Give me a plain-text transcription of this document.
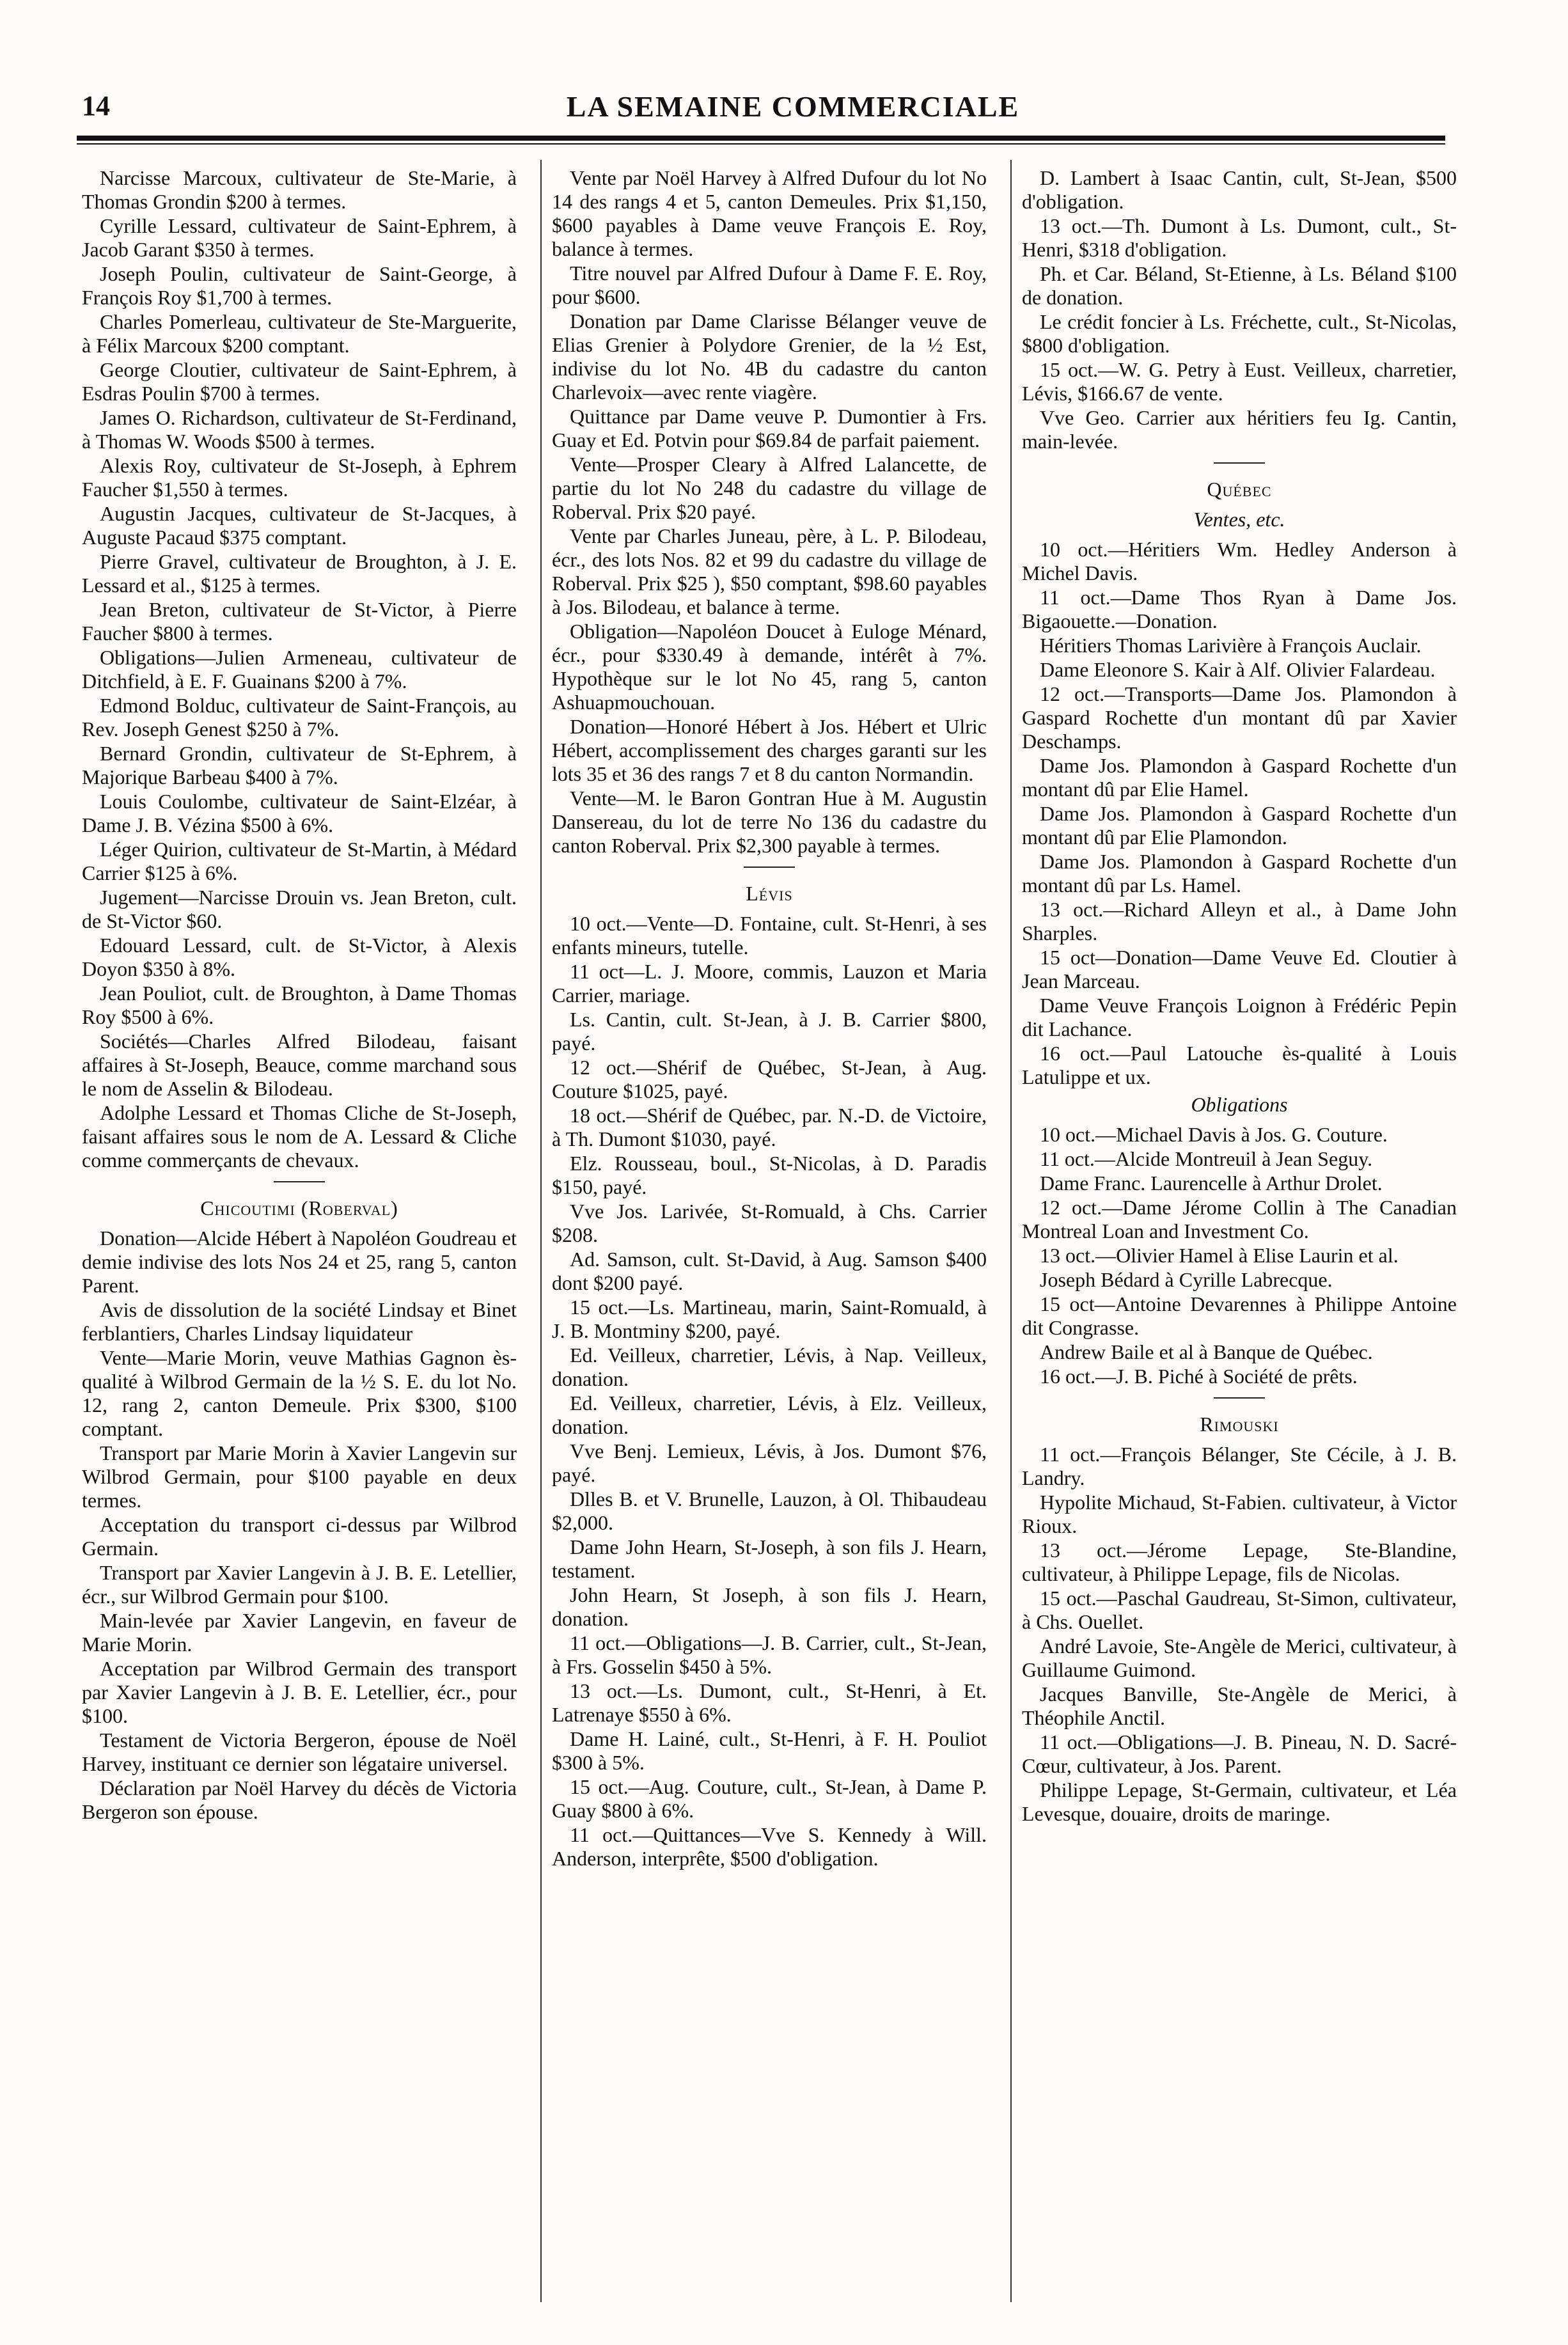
14	LA SEMAINE COMMERCIALE

Narcisse Marcoux, cultivateur de Ste-Marie, à Thomas Grondin $200 à termes.

Cyrille Lessard, cultivateur de Saint-Ephrem, à Jacob Garant $350 à termes.

Joseph Poulin, cultivateur de Saint-George, à François Roy $1,700 à termes.

Charles Pomerleau, cultivateur de Ste-Marguerite, à Félix Marcoux $200 comptant.

George Cloutier, cultivateur de Saint-Ephrem, à Esdras Poulin $700 à termes.

James O. Richardson, cultivateur de St-Ferdinand, à Thomas W. Woods $500 à termes.

Alexis Roy, cultivateur de St-Joseph, à Ephrem Faucher $1,550 à termes.

Augustin Jacques, cultivateur de St-Jacques, à Auguste Pacaud $375 comptant.

Pierre Gravel, cultivateur de Broughton, à J. E. Lessard et al., $125 à termes.

Jean Breton, cultivateur de St-Victor, à Pierre Faucher $800 à termes.

Obligations—Julien Armeneau, cultivateur de Ditchfield, à E. F. Guainans $200 à 7%.

Edmond Bolduc, cultivateur de Saint-François, au Rev. Joseph Genest $250 à 7%.

Bernard Grondin, cultivateur de St-Ephrem, à Majorique Barbeau $400 à 7%.

Louis Coulombe, cultivateur de Saint-Elzéar, à Dame J. B. Vézina $500 à 6%.

Léger Quirion, cultivateur de St-Martin, à Médard Carrier $125 à 6%.

Jugement—Narcisse Drouin vs. Jean Breton, cult. de St-Victor $60.

Edouard Lessard, cult. de St-Victor, à Alexis Doyon $350 à 8%.

Jean Pouliot, cult. de Broughton, à Dame Thomas Roy $500 à 6%.

Sociétés—Charles Alfred Bilodeau, faisant affaires à St-Joseph, Beauce, comme marchand sous le nom de Asselin & Bilodeau.

Adolphe Lessard et Thomas Cliche de St-Joseph, faisant affaires sous le nom de A. Lessard & Cliche comme commerçants de chevaux.

Chicoutimi (Roberval)

Donation—Alcide Hébert à Napoléon Goudreau et demie indivise des lots Nos 24 et 25, rang 5, canton Parent.

Avis de dissolution de la société Lindsay et Binet ferblantiers, Charles Lindsay liquidateur

Vente—Marie Morin, veuve Mathias Gagnon ès-qualité à Wilbrod Germain de la ½ S. E. du lot No. 12, rang 2, canton Demeule. Prix $300, $100 comptant.

Transport par Marie Morin à Xavier Langevin sur Wilbrod Germain, pour $100 payable en deux termes.

Acceptation du transport ci-dessus par Wilbrod Germain.

Transport par Xavier Langevin à J. B. E. Letellier, écr., sur Wilbrod Germain pour $100.

Main-levée par Xavier Langevin, en faveur de Marie Morin.

Acceptation par Wilbrod Germain des transport par Xavier Langevin à J. B. E. Letellier, écr., pour $100.

Testament de Victoria Bergeron, épouse de Noël Harvey, instituant ce dernier son légataire universel.

Déclaration par Noël Harvey du décès de Victoria Bergeron son épouse.

Vente par Noël Harvey à Alfred Dufour du lot No 14 des rangs 4 et 5, canton Demeules. Prix $1,150, $600 payables à Dame veuve François E. Roy, balance à termes.

Titre nouvel par Alfred Dufour à Dame F. E. Roy, pour $600.

Donation par Dame Clarisse Bélanger veuve de Elias Grenier à Polydore Grenier, de la ½ Est, indivise du lot No. 4B du cadastre du canton Charlevoix—avec rente viagère.

Quittance par Dame veuve P. Dumontier à Frs. Guay et Ed. Potvin pour $69.84 de parfait paiement.

Vente—Prosper Cleary à Alfred Lalancette, de partie du lot No 248 du cadastre du village de Roberval. Prix $20 payé.

Vente par Charles Juneau, père, à L. P. Bilodeau, écr., des lots Nos. 82 et 99 du cadastre du village de Roberval. Prix $25 ), $50 comptant, $98.60 payables à Jos. Bilodeau, et balance à terme.

Obligation—Napoléon Doucet à Euloge Ménard, écr., pour $330.49 à demande, intérêt à 7%. Hypothèque sur le lot No 45, rang 5, canton Ashuapmouchouan.

Donation—Honoré Hébert à Jos. Hébert et Ulric Hébert, accomplissement des charges garanti sur les lots 35 et 36 des rangs 7 et 8 du canton Normandin.

Vente—M. le Baron Gontran Hue à M. Augustin Dansereau, du lot de terre No 136 du cadastre du canton Roberval. Prix $2,300 payable à termes.

Lévis

10 oct.—Vente—D. Fontaine, cult. St-Henri, à ses enfants mineurs, tutelle.

11 oct—L. J. Moore, commis, Lauzon et Maria Carrier, mariage.

Ls. Cantin, cult. St-Jean, à J. B. Carrier $800, payé.

12 oct.—Shérif de Québec, St-Jean, à Aug. Couture $1025, payé.

18 oct.—Shérif de Québec, par. N.-D. de Victoire, à Th. Dumont $1030, payé.

Elz. Rousseau, boul., St-Nicolas, à D. Paradis $150, payé.

Vve Jos. Larivée, St-Romuald, à Chs. Carrier $208.

Ad. Samson, cult. St-David, à Aug. Samson $400 dont $200 payé.

15 oct.—Ls. Martineau, marin, Saint-Romuald, à J. B. Montminy $200, payé.

Ed. Veilleux, charretier, Lévis, à Nap. Veilleux, donation.

Ed. Veilleux, charretier, Lévis, à Elz. Veilleux, donation.

Vve Benj. Lemieux, Lévis, à Jos. Dumont $76, payé.

Dlles B. et V. Brunelle, Lauzon, à Ol. Thibaudeau $2,000.

Dame John Hearn, St-Joseph, à son fils J. Hearn, testament.

John Hearn, St Joseph, à son fils J. Hearn, donation.

11 oct.—Obligations—J. B. Carrier, cult., St-Jean, à Frs. Gosselin $450 à 5%.

13 oct.—Ls. Dumont, cult., St-Henri, à Et. Latrenaye $550 à 6%.

Dame H. Lainé, cult., St-Henri, à F. H. Pouliot $300 à 5%.

15 oct.—Aug. Couture, cult., St-Jean, à Dame P. Guay $800 à 6%.

11 oct.—Quittances—Vve S. Kennedy à Will. Anderson, interprête, $500 d'obligation.

D. Lambert à Isaac Cantin, cult, St-Jean, $500 d'obligation.

13 oct.—Th. Dumont à Ls. Dumont, cult., St-Henri, $318 d'obligation.

Ph. et Car. Béland, St-Etienne, à Ls. Béland $100 de donation.

Le crédit foncier à Ls. Fréchette, cult., St-Nicolas, $800 d'obligation.

15 oct.—W. G. Petry à Eust. Veilleux, charretier, Lévis, $166.67 de vente.

Vve Geo. Carrier aux héritiers feu Ig. Cantin, main-levée.

Québec
Ventes, etc.

10 oct.—Héritiers Wm. Hedley Anderson à Michel Davis.

11 oct.—Dame Thos Ryan à Dame Jos. Bigaouette.—Donation.

Héritiers Thomas Larivière à François Auclair.

Dame Eleonore S. Kair à Alf. Olivier Falardeau.

12 oct.—Transports—Dame Jos. Plamondon à Gaspard Rochette d'un montant dû par Xavier Deschamps.

Dame Jos. Plamondon à Gaspard Rochette d'un montant dû par Elie Hamel.

Dame Jos. Plamondon à Gaspard Rochette d'un montant dû par Elie Plamondon.

Dame Jos. Plamondon à Gaspard Rochette d'un montant dû par Ls. Hamel.

13 oct.—Richard Alleyn et al., à Dame John Sharples.

15 oct—Donation—Dame Veuve Ed. Cloutier à Jean Marceau.

Dame Veuve François Loignon à Frédéric Pepin dit Lachance.

16 oct.—Paul Latouche ès-qualité à Louis Latulippe et ux.

Obligations

10 oct.—Michael Davis à Jos. G. Couture.

11 oct.—Alcide Montreuil à Jean Seguy.

Dame Franc. Laurencelle à Arthur Drolet.

12 oct.—Dame Jérome Collin à The Canadian Montreal Loan and Investment Co.

13 oct.—Olivier Hamel à Elise Laurin et al.

Joseph Bédard à Cyrille Labrecque.

15 oct—Antoine Devarennes à Philippe Antoine dit Congrasse.

Andrew Baile et al à Banque de Québec.

16 oct.—J. B. Piché à Société de prêts.

Rimouski

11 oct.—François Bélanger, Ste Cécile, à J. B. Landry.

Hypolite Michaud, St-Fabien. cultivateur, à Victor Rioux.

13 oct.—Jérome Lepage, Ste-Blandine, cultivateur, à Philippe Lepage, fils de Nicolas.

15 oct.—Paschal Gaudreau, St-Simon, cultivateur, à Chs. Ouellet.

André Lavoie, Ste-Angèle de Merici, cultivateur, à Guillaume Guimond.

Jacques Banville, Ste-Angèle de Merici, à Théophile Anctil.

11 oct.—Obligations—J. B. Pineau, N. D. Sacré-Cœur, cultivateur, à Jos. Parent.

Philippe Lepage, St-Germain, cultivateur, et Léa Levesque, douaire, droits de maringe.
